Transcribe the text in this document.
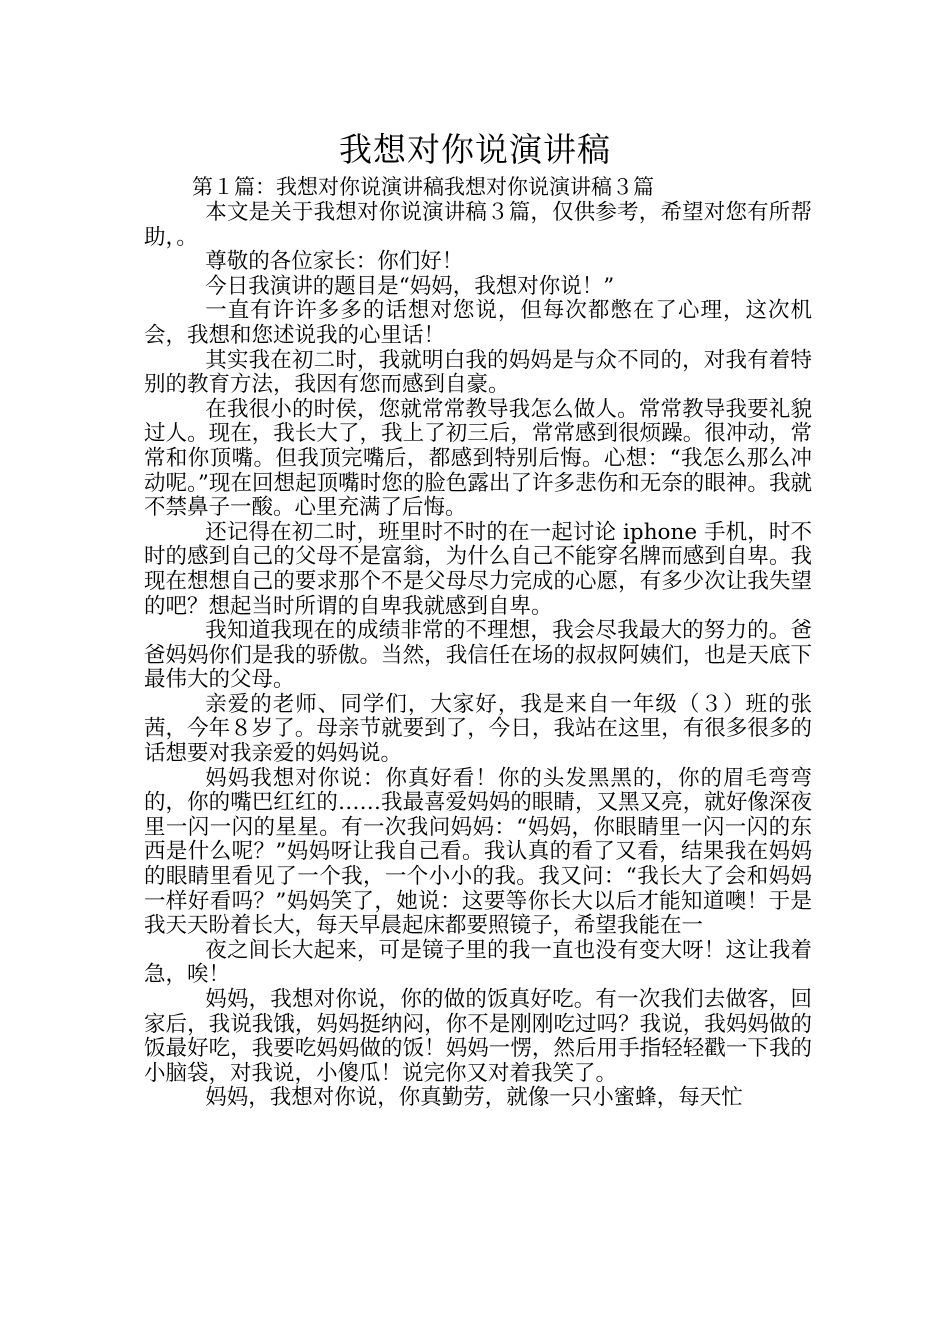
我想对你说演讲稿
第１篇：我想对你说演讲稿我想对你说演讲稿３篇

本文是关于我想对你说演讲稿３篇，仅供参考，希望对您有所帮助，。

尊敬的各位家长：你们好！

今日我演讲的题目是“妈妈，我想对你说！”

一直有许许多多的话想对您说，但每次都憋在了心理，这次机会，我想和您述说我的心里话！

其实我在初二时，我就明白我的妈妈是与众不同的，对我有着特别的教育方法，我因有您而感到自豪。

在我很小的时侯，您就常常教导我怎么做人。常常教导我要礼貌过人。现在，我长大了，我上了初三后，常常感到很烦躁。很冲动，常常和你顶嘴。但我顶完嘴后，都感到特别后悔。心想：“我怎么那么冲动呢。”现在回想起顶嘴时您的脸色露出了许多悲伤和无奈的眼神。我就不禁鼻子一酸。心里充满了后悔。

还记得在初二时，班里时不时的在一起讨论 iphone 手机，时不时的感到自己的父母不是富翁，为什么自己不能穿名牌而感到自卑。我现在想想自己的要求那个不是父母尽力完成的心愿，有多少次让我失望的吧？想起当时所谓的自卑我就感到自卑。

我知道我现在的成绩非常的不理想，我会尽我最大的努力的。爸爸妈妈你们是我的骄傲。当然，我信任在场的叔叔阿姨们，也是天底下最伟大的父母。

亲爱的老师、同学们，大家好，我是来自一年级（３）班的张茜，今年８岁了。母亲节就要到了，今日，我站在这里，有很多很多的话想要对我亲爱的妈妈说。

妈妈我想对你说：你真好看！你的头发黑黑的，你的眉毛弯弯的，你的嘴巴红红的……我最喜爱妈妈的眼睛，又黑又亮，就好像深夜里一闪一闪的星星。有一次我问妈妈：“妈妈，你眼睛里一闪一闪的东西是什么呢？”妈妈呀让我自己看。我认真的看了又看，结果我在妈妈的眼睛里看见了一个我，一个小小的我。我又问：“我长大了会和妈妈一样好看吗？”妈妈笑了，她说：这要等你长大以后才能知道噢！于是我天天盼着长大，每天早晨起床都要照镜子，希望我能在一

夜之间长大起来，可是镜子里的我一直也没有变大呀！这让我着急，唉！

妈妈，我想对你说，你的做的饭真好吃。有一次我们去做客，回家后，我说我饿，妈妈挺纳闷，你不是刚刚吃过吗？我说，我妈妈做的饭最好吃，我要吃妈妈做的饭！妈妈一愣，然后用手指轻轻戳一下我的小脑袋，对我说，小傻瓜！说完你又对着我笑了。

妈妈，我想对你说，你真勤劳，就像一只小蜜蜂，每天忙
